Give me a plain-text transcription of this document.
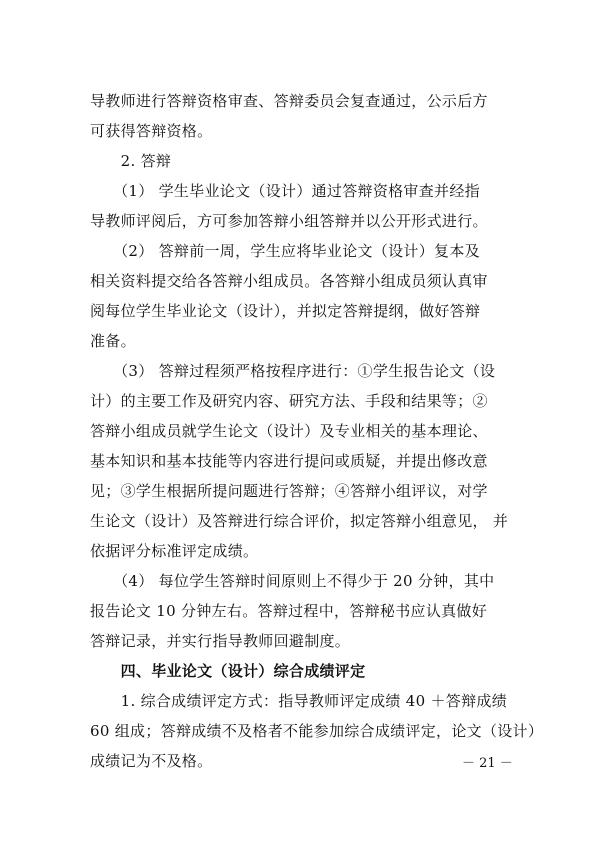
导教师进行答辩资格审查、答辩委员会复查通过，公示后方
可获得答辩资格。
　　2. 答辩
　　（1） 学生毕业论文（设计）通过答辩资格审查并经指
导教师评阅后，方可参加答辩小组答辩并以公开形式进行。
　　（2） 答辩前一周，学生应将毕业论文（设计）复本及
相关资料提交给各答辩小组成员。各答辩小组成员须认真审
阅每位学生毕业论文（设计），并拟定答辩提纲，做好答辩
准备。
　　（3） 答辩过程须严格按程序进行：①学生报告论文（设
计）的主要工作及研究内容、研究方法、手段和结果等；②
答辩小组成员就学生论文（设计）及专业相关的基本理论、
基本知识和基本技能等内容进行提问或质疑，并提出修改意
见；③学生根据所提问题进行答辩；④答辩小组评议，对学
生论文（设计）及答辩进行综合评价，拟定答辩小组意见， 并
依据评分标准评定成绩。
　　（4） 每位学生答辩时间原则上不得少于 20 分钟，其中
报告论文 10 分钟左右。答辩过程中，答辩秘书应认真做好
答辩记录，并实行指导教师回避制度。
　　四、毕业论文（设计）综合成绩评定
　　1. 综合成绩评定方式：指导教师评定成绩 40 ＋答辩成绩
60 组成；答辩成绩不及格者不能参加综合成绩评定，论文（设计）
成绩记为不及格。	－ 21 －
